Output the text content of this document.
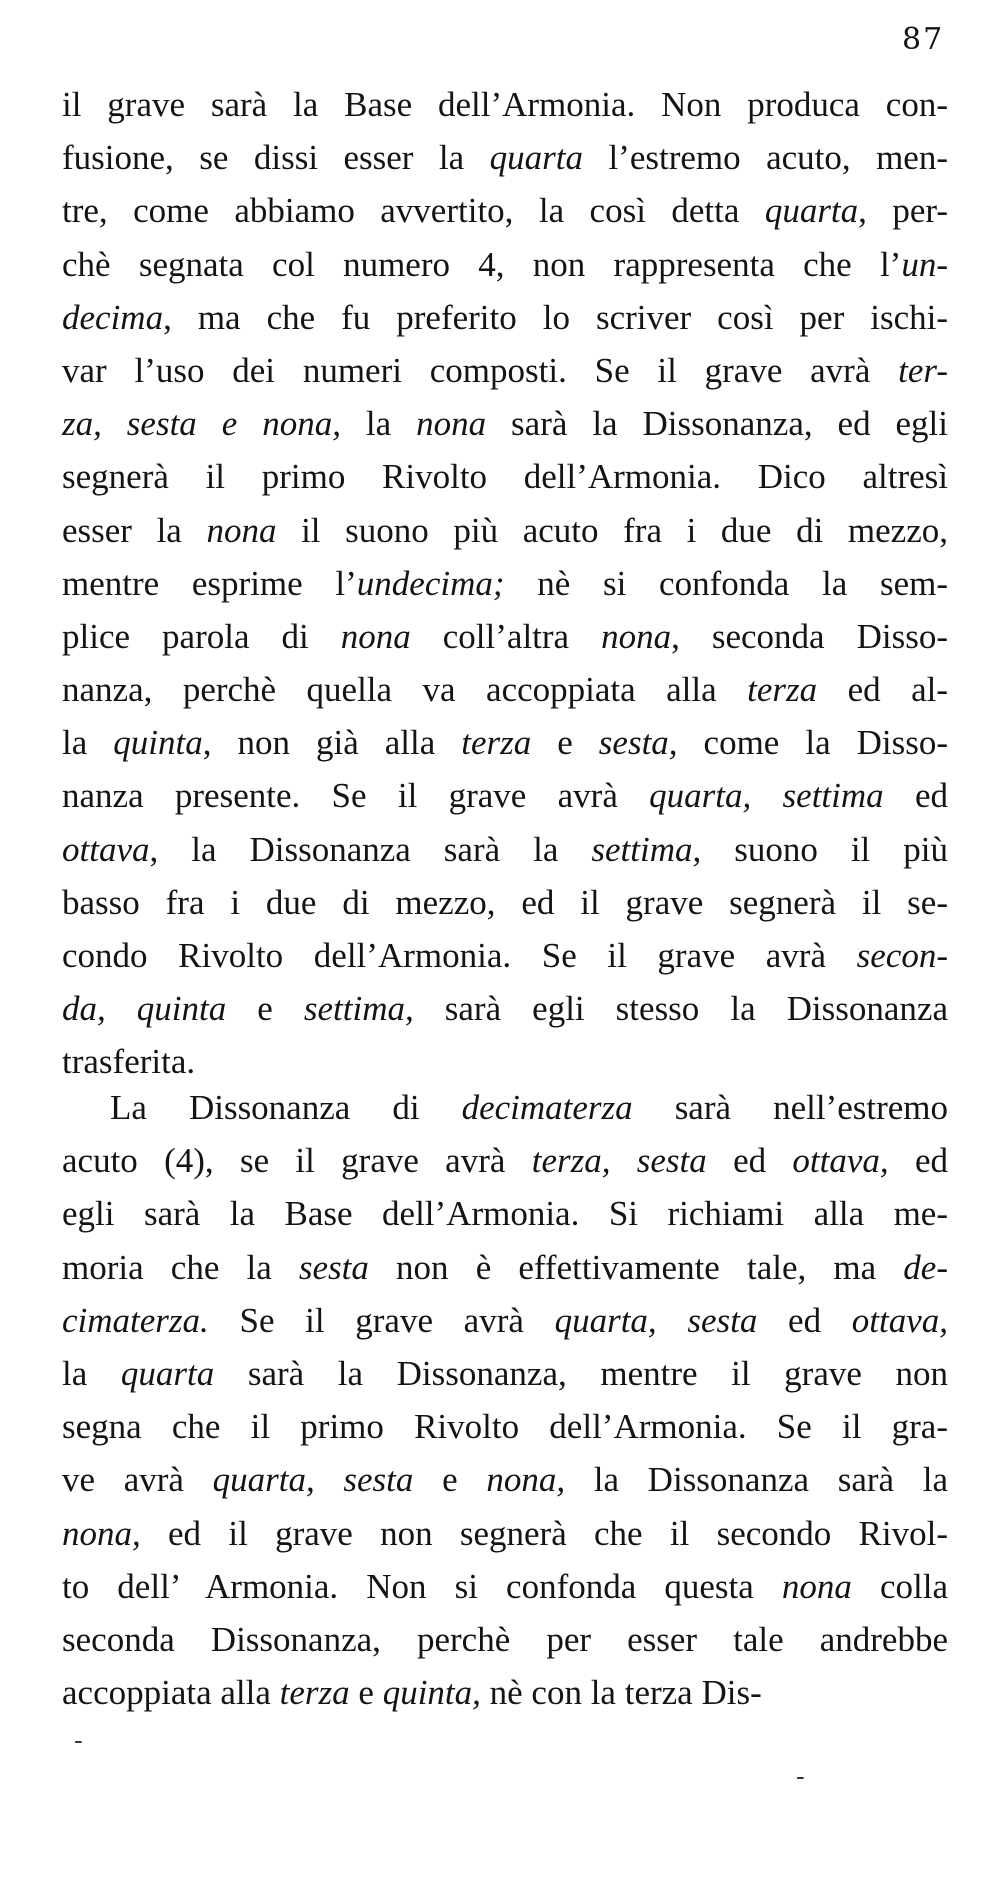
87
il grave sarà la Base dell’Armonia. Non produca con-
fusione, se dissi esser la quarta l’estremo acuto, men-
tre, come abbiamo avvertito, la così detta quarta, per-
chè segnata col numero 4, non rappresenta che l’un-
decima, ma che fu preferito lo scriver così per ischi-
var l’uso dei numeri composti. Se il grave avrà ter-
za, sesta e nona, la nona sarà la Dissonanza, ed egli
segnerà il primo Rivolto dell’Armonia. Dico altresì
esser la nona il suono più acuto fra i due di mezzo,
mentre esprime l’undecima; nè si confonda la sem-
plice parola di nona coll’altra nona, seconda Disso-
nanza, perchè quella va accoppiata alla terza ed al-
la quinta, non già alla terza e sesta, come la Disso-
nanza presente. Se il grave avrà quarta, settima ed
ottava, la Dissonanza sarà la settima, suono il più
basso fra i due di mezzo, ed il grave segnerà il se-
condo Rivolto dell’Armonia. Se il grave avrà secon-
da, quinta e settima, sarà egli stesso la Dissonanza
trasferita.
La Dissonanza di decimaterza sarà nell’estremo
acuto (4), se il grave avrà terza, sesta ed ottava, ed
egli sarà la Base dell’Armonia. Si richiami alla me-
moria che la sesta non è effettivamente tale, ma de-
cimaterza. Se il grave avrà quarta, sesta ed ottava,
la quarta sarà la Dissonanza, mentre il grave non
segna che il primo Rivolto dell’Armonia. Se il gra-
ve avrà quarta, sesta e nona, la Dissonanza sarà la
nona, ed il grave non segnerà che il secondo Rivol-
to dell’ Armonia. Non si confonda questa nona colla
seconda Dissonanza, perchè per esser tale andrebbe
accoppiata alla terza e quinta, nè con la terza Dis-
-
-
